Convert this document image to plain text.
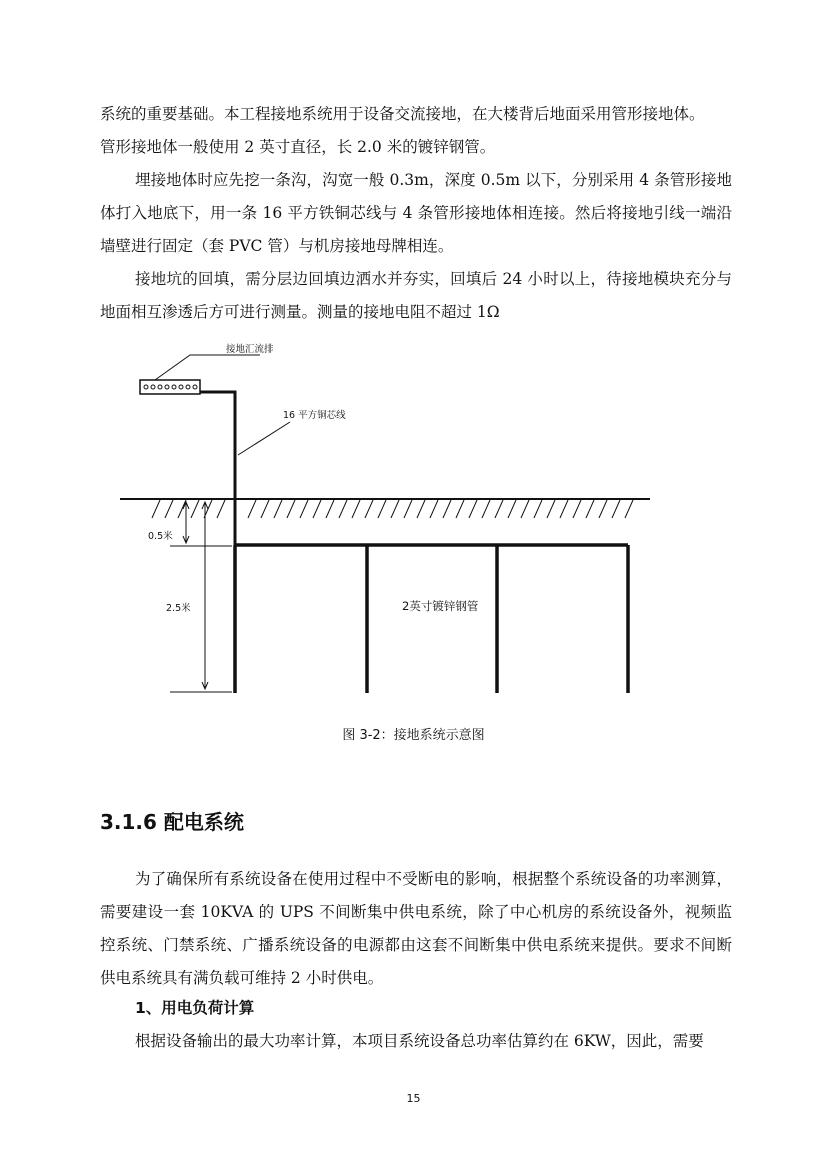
系统的重要基础。本工程接地系统用于设备交流接地，在大楼背后地面采用管形接地体。

管形接地体一般使用 2 英寸直径，长 2.0 米的镀锌钢管。

埋接地体时应先挖一条沟，沟宽一般 0.3m，深度 0.5m 以下，分别采用 4 条管形接地体打入地底下，用一条 16 平方铁铜芯线与 4 条管形接地体相连接。然后将接地引线一端沿墙壁进行固定（套 PVC 管）与机房接地母牌相连。

接地坑的回填，需分层边回填边洒水并夯实，回填后 24 小时以上，待接地模块充分与地面相互渗透后方可进行测量。测量的接地电阻不超过 1Ω

接地汇流排
16 平方铜芯线
2英寸镀锌钢管
0.5米
2.5米
图 3-2：接地系统示意图
3.1.6 配电系统

为了确保所有系统设备在使用过程中不受断电的影响，根据整个系统设备的功率测算，需要建设一套 10KVA 的 UPS 不间断集中供电系统，除了中心机房的系统设备外，视频监控系统、门禁系统、广播系统设备的电源都由这套不间断集中供电系统来提供。要求不间断供电系统具有满负载可维持 2 小时供电。

1、用电负荷计算

根据设备输出的最大功率计算，本项目系统设备总功率估算约在 6KW，因此，需要

15
